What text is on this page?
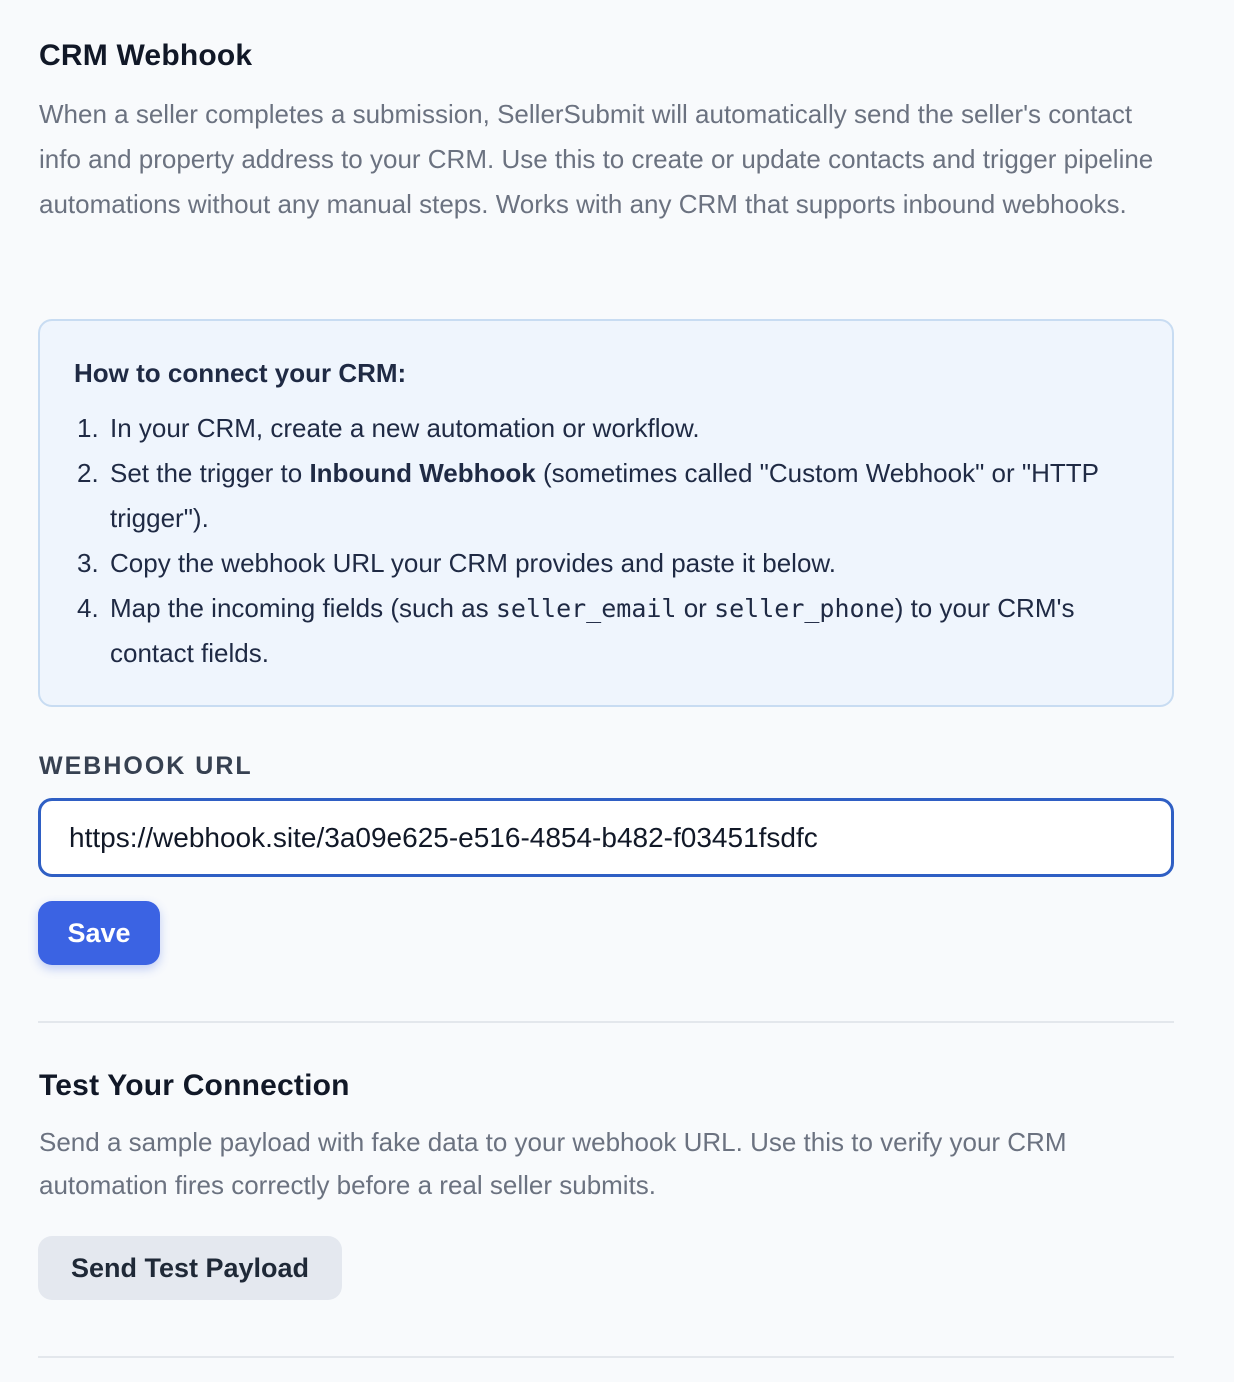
CRM Webhook

When a seller completes a submission, SellerSubmit will automatically send the seller's contact info and property address to your CRM. Use this to create or update contacts and trigger pipeline automations without any manual steps. Works with any CRM that supports inbound webhooks.

How to connect your CRM:
1. In your CRM, create a new automation or workflow.
2. Set the trigger to Inbound Webhook (sometimes called "Custom Webhook" or "HTTP trigger").
3. Copy the webhook URL your CRM provides and paste it below.
4. Map the incoming fields (such as seller_email or seller_phone) to your CRM's contact fields.
WEBHOOK URL
https://webhook.site/3a09e625-e516-4854-b482-f03451fsdfc
Save
Test Your Connection

Send a sample payload with fake data to your webhook URL. Use this to verify your CRM automation fires correctly before a real seller submits.

Send Test Payload
